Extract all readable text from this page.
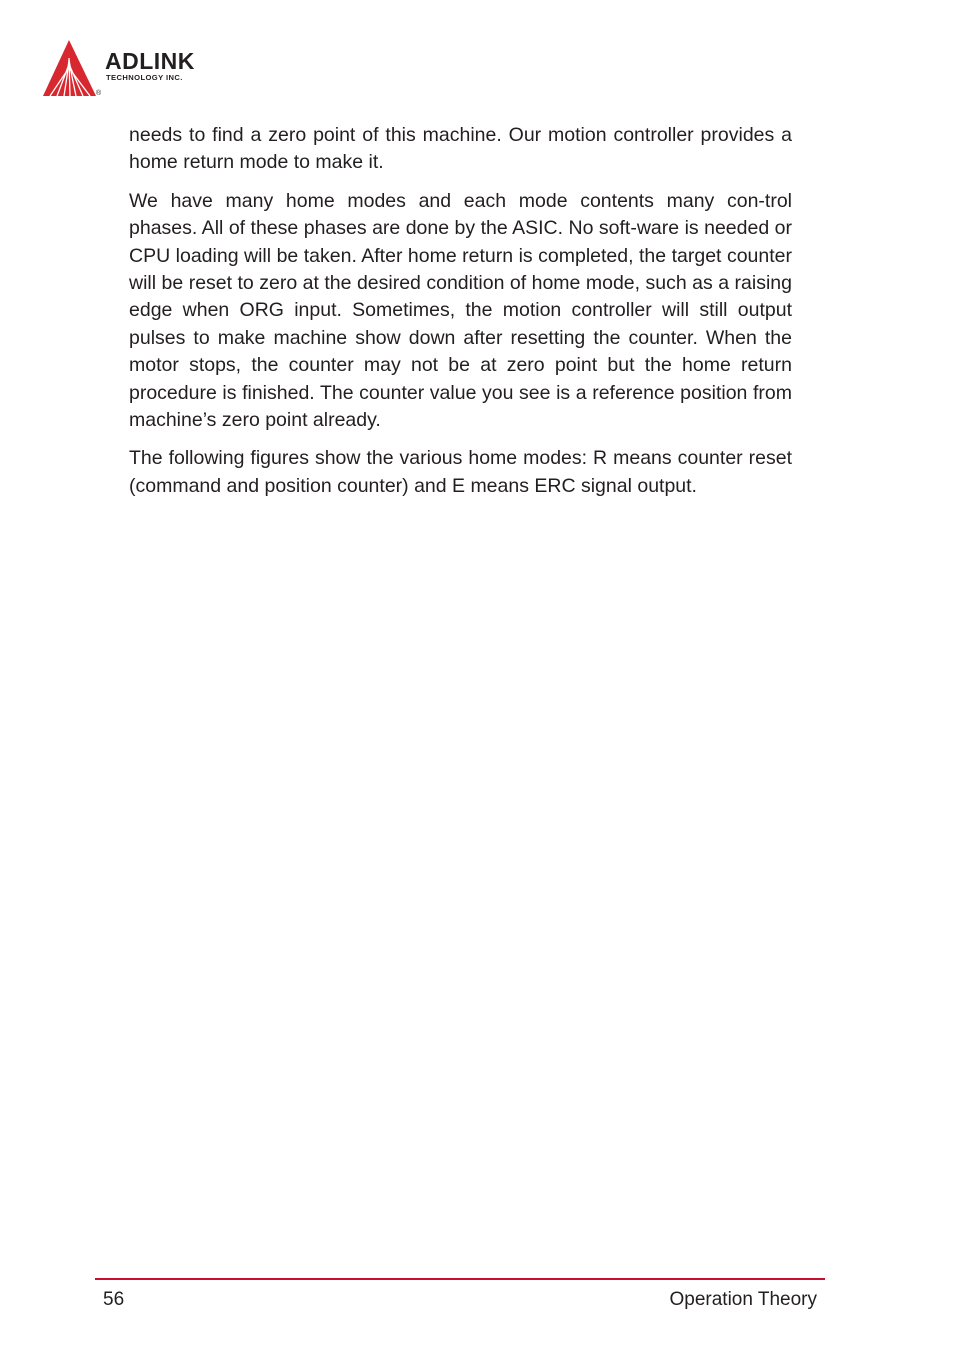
ADLINK
TECHNOLOGY INC.
®

needs to find a zero point of this machine. Our motion controller provides a home return mode to make it.

We have many home modes and each mode contents many con-trol phases. All of these phases are done by the ASIC. No soft-ware is needed or CPU loading will be taken. After home return is completed, the target counter will be reset to zero at the desired condition of home mode, such as a raising edge when ORG input. Sometimes, the motion controller will still output pulses to make machine show down after resetting the counter. When the motor stops, the counter may not be at zero point but the home return procedure is finished. The counter value you see is a reference position from machine’s zero point already.

The following figures show the various home modes: R means counter reset (command and position counter) and E means ERC signal output.

56	Operation Theory
